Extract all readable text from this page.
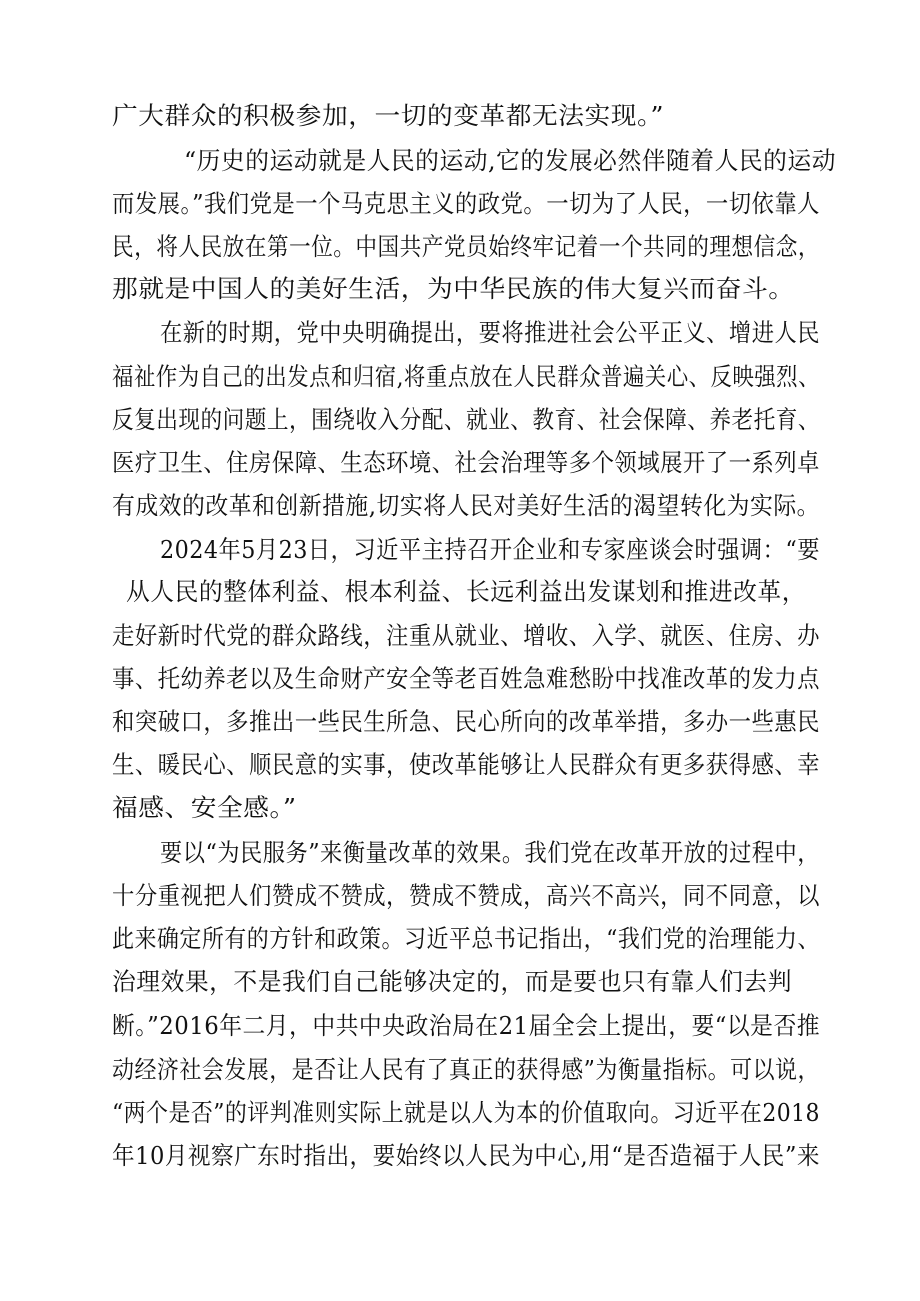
广大群众的积极参加，一切的变革都无法实现。”
“历史的运动就是人民的运动,它的发展必然伴随着人民的运动
而发展。”我们党是一个马克思主义的政党。一切为了人民，一切依靠人
民，将人民放在第一位。中国共产党员始终牢记着一个共同的理想信念，
那就是中国人的美好生活，为中华民族的伟大复兴而奋斗。
在新的时期，党中央明确提出，要将推进社会公平正义、增进人民
福祉作为自己的出发点和归宿,将重点放在人民群众普遍关心、反映强烈、
反复出现的问题上，围绕收入分配、就业、教育、社会保障、养老托育、
医疗卫生、住房保障、生态环境、社会治理等多个领域展开了一系列卓
有成效的改革和创新措施,切实将人民对美好生活的渴望转化为实际。
2024年5月23日，习近平主持召开企业和专家座谈会时强调：“要
从人民的整体利益、根本利益、长远利益出发谋划和推进改革，
走好新时代党的群众路线，注重从就业、增收、入学、就医、住房、办
事、托幼养老以及生命财产安全等老百姓急难愁盼中找准改革的发力点
和突破口，多推出一些民生所急、民心所向的改革举措，多办一些惠民
生、暖民心、顺民意的实事，使改革能够让人民群众有更多获得感、幸
福感、安全感。”
要以“为民服务”来衡量改革的效果。我们党在改革开放的过程中，
十分重视把人们赞成不赞成，赞成不赞成，高兴不高兴，同不同意，以
此来确定所有的方针和政策。习近平总书记指出，“我们党的治理能力、
治理效果，不是我们自己能够决定的，而是要也只有靠人们去判
断。”2016年二月，中共中央政治局在21届全会上提出，要“以是否推
动经济社会发展，是否让人民有了真正的获得感”为衡量指标。可以说，
“两个是否”的评判准则实际上就是以人为本的价值取向。习近平在2018
年10月视察广东时指出，要始终以人民为中心,用“是否造福于人民”来
